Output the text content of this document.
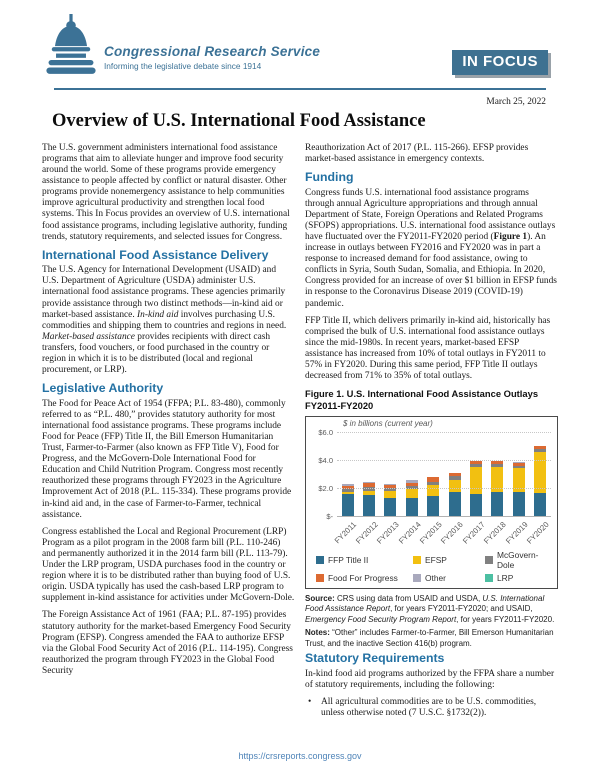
Congressional Research Service
Informing the legislative debate since 1914	IN FOCUS
March 25, 2022
Overview of U.S. International Food Assistance

The U.S. government administers international food assistance programs that aim to alleviate hunger and improve food security around the world. Some of these programs provide emergency assistance to people affected by conflict or natural disaster. Other programs provide nonemergency assistance to help communities improve agricultural productivity and strengthen local food systems. This In Focus provides an overview of U.S. international food assistance programs, including legislative authority, funding trends, statutory requirements, and selected issues for Congress.

International Food Assistance Delivery

The U.S. Agency for International Development (USAID) and U.S. Department of Agriculture (USDA) administer U.S. international food assistance programs. These agencies primarily provide assistance through two distinct methods—in-kind aid or market-based assistance. In-kind aid involves purchasing U.S. commodities and shipping them to countries and regions in need. Market-based assistance provides recipients with direct cash transfers, food vouchers, or food purchased in the country or region in which it is to be distributed (local and regional procurement, or LRP).

Legislative Authority

The Food for Peace Act of 1954 (FFPA; P.L. 83-480), commonly referred to as “P.L. 480,” provides statutory authority for most international food assistance programs. These programs include Food for Peace (FFP) Title II, the Bill Emerson Humanitarian Trust, Farmer-to-Farmer (also known as FFP Title V), Food for Progress, and the McGovern-Dole International Food for Education and Child Nutrition Program. Congress most recently reauthorized these programs through FY2023 in the Agriculture Improvement Act of 2018 (P.L. 115-334). These programs provide in-kind aid and, in the case of Farmer-to-Farmer, technical assistance.

Congress established the Local and Regional Procurement (LRP) Program as a pilot program in the 2008 farm bill (P.L. 110-246) and permanently authorized it in the 2014 farm bill (P.L. 113-79). Under the LRP program, USDA purchases food in the country or region where it is to be distributed rather than buying food of U.S. origin. USDA typically has used the cash-based LRP program to supplement in-kind assistance for activities under McGovern-Dole.

The Foreign Assistance Act of 1961 (FAA; P.L. 87-195) provides statutory authority for the market-based Emergency Food Security Program (EFSP). Congress amended the FAA to authorize EFSP via the Global Food Security Act of 2016 (P.L. 114-195). Congress reauthorized the program through FY2023 in the Global Food Security

Reauthorization Act of 2017 (P.L. 115-266). EFSP provides market-based assistance in emergency contexts.

Funding

Congress funds U.S. international food assistance programs through annual Agriculture appropriations and through annual Department of State, Foreign Operations and Related Programs (SFOPS) appropriations. U.S. international food assistance outlays have fluctuated over the FY2011-FY2020 period (Figure 1). An increase in outlays between FY2016 and FY2020 was in part a response to increased demand for food assistance, owing to conflicts in Syria, South Sudan, Somalia, and Ethiopia. In 2020, Congress provided for an increase of over $1 billion in EFSP funds in response to the Coronavirus Disease 2019 (COVID-19) pandemic.

FFP Title II, which delivers primarily in-kind aid, historically has comprised the bulk of U.S. international food assistance outlays since the mid-1980s. In recent years, market-based EFSP assistance has increased from 10% of total outlays in FY2011 to 57% in FY2020. During this same period, FFP Title II outlays decreased from 71% to 35% of total outlays.

Figure 1. U.S. International Food Assistance Outlays FY2011-FY2020
$ in billions (current year)
$6.0
$4.0
$2.0
$-
FY2011
FY2012
FY2013
FY2014
FY2015
FY2016
FY2017
FY2018
FY2019
FY2020
FFP Title II	EFSP	McGovern-Dole
Food For Progress	Other	LRP
Source: CRS using data from USAID and USDA, U.S. International Food Assistance Report, for years FY2011-FY2020; and USAID, Emergency Food Security Program Report, for years FY2011-FY2020.
Notes: “Other” includes Farmer-to-Farmer, Bill Emerson Humanitarian Trust, and the inactive Section 416(b) program.
Statutory Requirements

In-kind food aid programs authorized by the FFPA share a number of statutory requirements, including the following:

•	All agricultural commodities are to be U.S. commodities, unless otherwise noted (7 U.S.C. §1732(2)).
https://crsreports.congress.gov
